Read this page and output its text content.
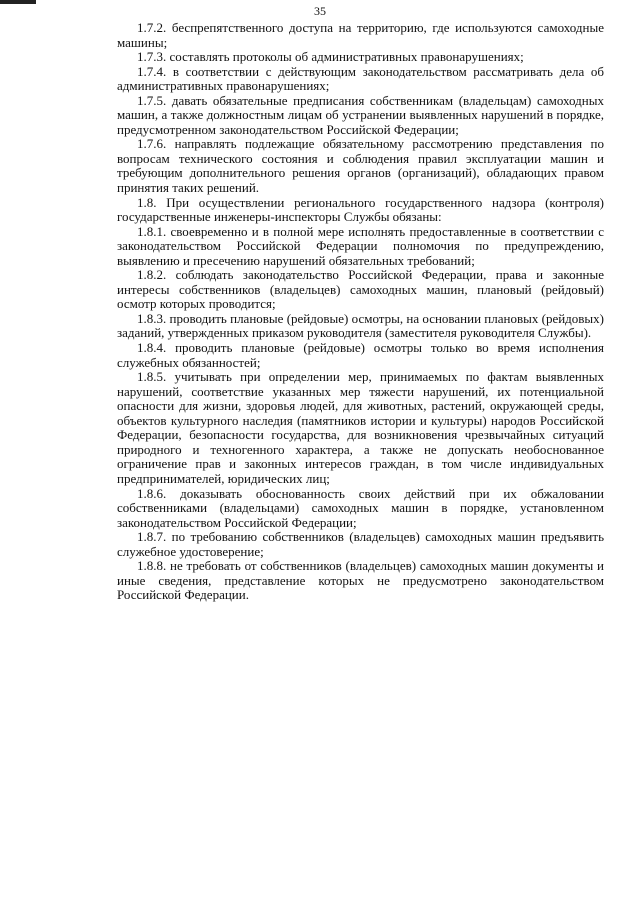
35

1.7.2. беспрепятственного доступа на территорию, где используются самоходные машины;

1.7.3. составлять протоколы об административных правонарушениях;

1.7.4. в соответствии с действующим законодательством рассматривать дела об административных правонарушениях;

1.7.5. давать обязательные предписания собственникам (владельцам) самоходных машин, а также должностным лицам об устранении выявленных нарушений в порядке, предусмотренном законодательством Российской Федерации;

1.7.6. направлять подлежащие обязательному рассмотрению представления по вопросам технического состояния и соблюдения правил эксплуатации машин и требующим дополнительного решения органов (организаций), обладающих правом принятия таких решений.

1.8. При осуществлении регионального государственного надзора (контроля) государственные инженеры-инспекторы Службы обязаны:

1.8.1. своевременно и в полной мере исполнять предоставленные в соответствии с законодательством Российской Федерации полномочия по предупреждению, выявлению и пресечению нарушений обязательных требований;

1.8.2. соблюдать законодательство Российской Федерации, права и законные интересы собственников (владельцев) самоходных машин, плановый (рейдовый) осмотр которых проводится;

1.8.3. проводить плановые (рейдовые) осмотры, на основании плановых (рейдовых) заданий, утвержденных приказом руководителя (заместителя руководителя Службы).

1.8.4. проводить плановые (рейдовые) осмотры только во время исполнения служебных обязанностей;

1.8.5. учитывать при определении мер, принимаемых по фактам выявленных нарушений, соответствие указанных мер тяжести нарушений, их потенциальной опасности для жизни, здоровья людей, для животных, растений, окружающей среды, объектов культурного наследия (памятников истории и культуры) народов Российской Федерации, безопасности государства, для возникновения чрезвычайных ситуаций природного и техногенного характера, а также не допускать необоснованное ограничение прав и законных интересов граждан, в том числе индивидуальных предпринимателей, юридических лиц;

1.8.6. доказывать обоснованность своих действий при их обжаловании собственниками (владельцами) самоходных машин в порядке, установленном законодательством Российской Федерации;

1.8.7. по требованию собственников (владельцев) самоходных машин предъявить служебное удостоверение;

1.8.8. не требовать от собственников (владельцев) самоходных машин документы и иные сведения, представление которых не предусмотрено законодательством Российской Федерации.
